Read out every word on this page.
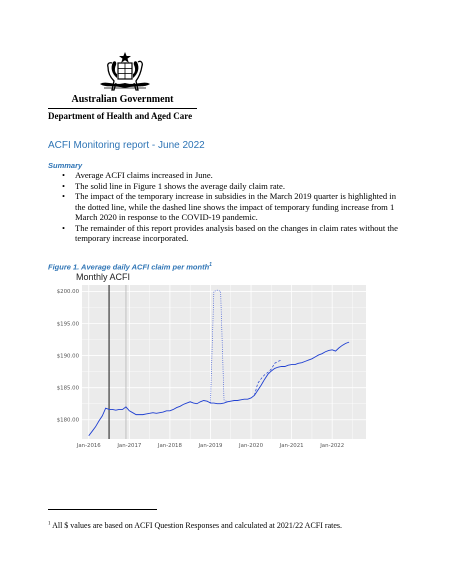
Australian Government
Department of Health and Aged Care
ACFI Monitoring report - June 2022
Summary
• Average ACFI claims increased in June.
• The solid line in Figure 1 shows the average daily claim rate.
• The impact of the temporary increase in subsidies in the March 2019 quarter is highlighted in the dotted line, while the dashed line shows the impact of temporary funding increase from 1 March 2020 in response to the COVID-19 pandemic.
• The remainder of this report provides analysis based on the changes in claim rates without the temporary increase incorporated.
Figure 1. Average daily ACFI claim per month$^1$
Monthly ACFI
Jan-2016	Jan-2017	Jan-2018	Jan-2019	Jan-2020	Jan-2021	Jan-2022
$180.00
$185.00
$190.00
$195.00
$200.00
$^1$ All $ values are based on ACFI Question Responses and calculated at 2021/22 ACFI rates.
